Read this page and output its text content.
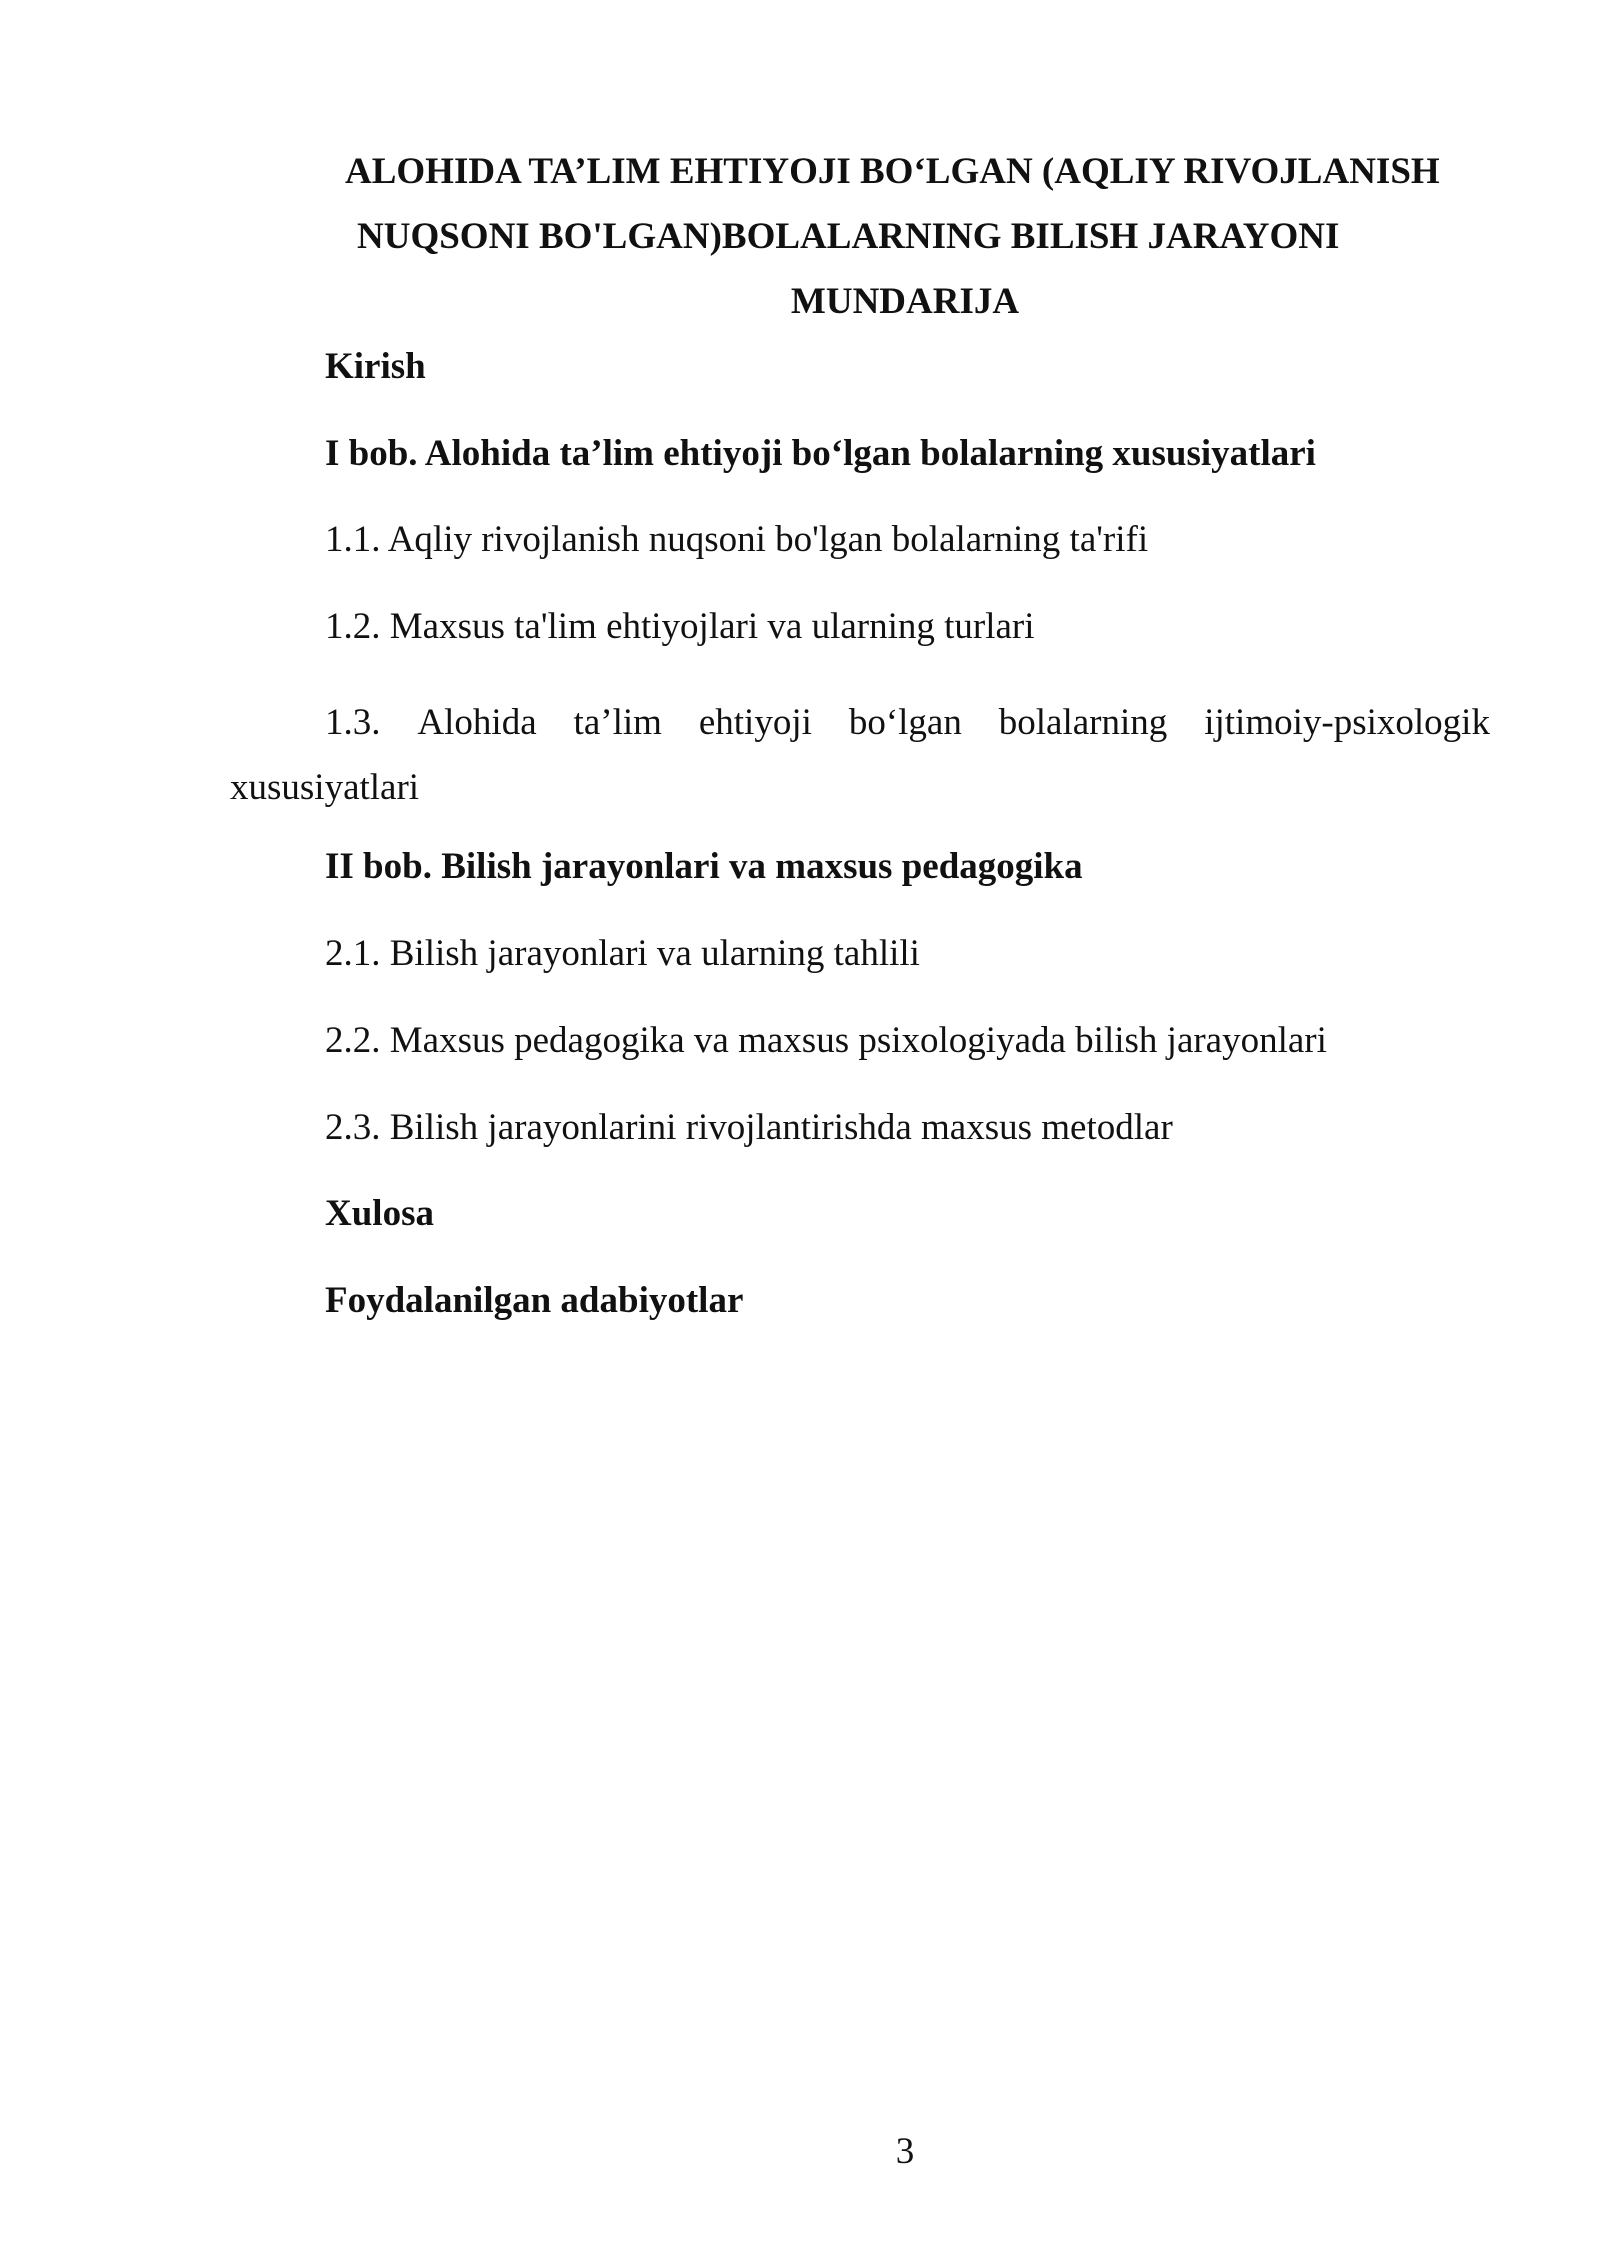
ALOHIDA TA’LIM EHTIYOJI BO‘LGAN (AQLIY RIVOJLANISH
NUQSONI BO'LGAN)BOLALARNING BILISH JARAYONI
MUNDARIJA
Kirish
I bob. Alohida ta’lim ehtiyoji bo‘lgan bolalarning xususiyatlari
1.1. Aqliy rivojlanish nuqsoni bo'lgan bolalarning ta'rifi
1.2. Maxsus ta'lim ehtiyojlari va ularning turlari
1.3. Alohida ta’lim ehtiyoji bo‘lgan bolalarning ijtimoiy-psixologik
xususiyatlari
II bob. Bilish jarayonlari va maxsus pedagogika
2.1. Bilish jarayonlari va ularning tahlili
2.2. Maxsus pedagogika va maxsus psixologiyada bilish jarayonlari
2.3. Bilish jarayonlarini rivojlantirishda maxsus metodlar
Xulosa
Foydalanilgan adabiyotlar
3
